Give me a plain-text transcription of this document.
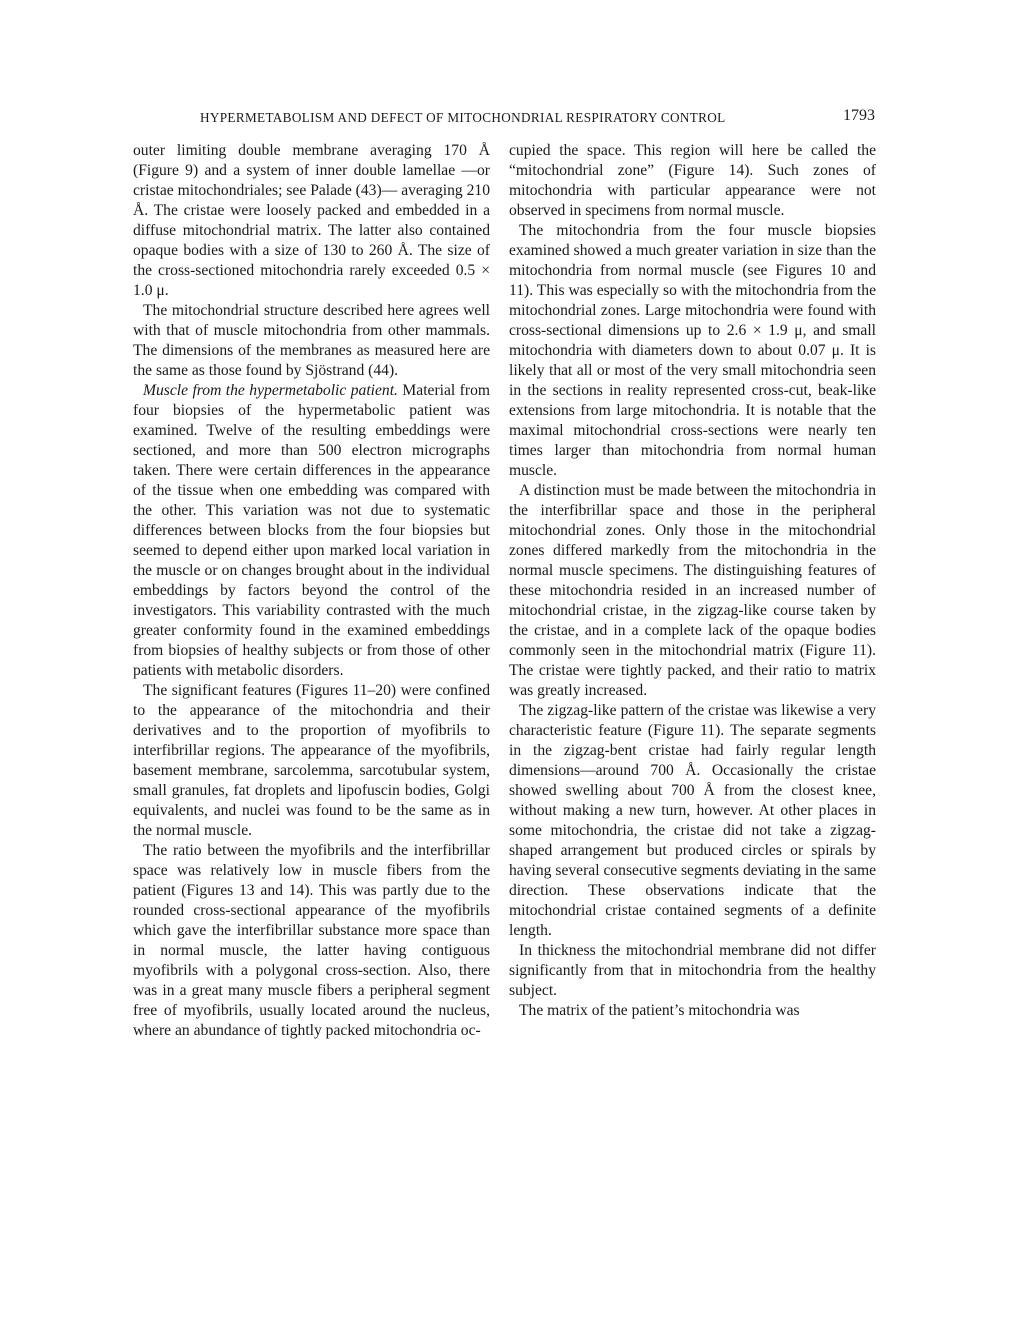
HYPERMETABOLISM AND DEFECT OF MITOCHONDRIAL RESPIRATORY CONTROL	1793

outer limiting double membrane averaging 170 Å (Figure 9) and a system of inner double lamellae —or cristae mitochondriales; see Palade (43)— averaging 210 Å. The cristae were loosely packed and embedded in a diffuse mitochondrial matrix. The latter also contained opaque bodies with a size of 130 to 260 Å. The size of the cross-sectioned mitochondria rarely exceeded 0.5 × 1.0 μ.

The mitochondrial structure described here agrees well with that of muscle mitochondria from other mammals. The dimensions of the membranes as measured here are the same as those found by Sjöstrand (44).

Muscle from the hypermetabolic patient. Material from four biopsies of the hypermetabolic patient was examined. Twelve of the resulting embeddings were sectioned, and more than 500 electron micrographs taken. There were certain differences in the appearance of the tissue when one embedding was compared with the other. This variation was not due to systematic differences between blocks from the four biopsies but seemed to depend either upon marked local variation in the muscle or on changes brought about in the individual embeddings by factors beyond the control of the investigators. This variability contrasted with the much greater conformity found in the examined embeddings from biopsies of healthy subjects or from those of other patients with metabolic disorders.

The significant features (Figures 11–20) were confined to the appearance of the mitochondria and their derivatives and to the proportion of myofibrils to interfibrillar regions. The appearance of the myofibrils, basement membrane, sarcolemma, sarcotubular system, small granules, fat droplets and lipofuscin bodies, Golgi equivalents, and nuclei was found to be the same as in the normal muscle.

The ratio between the myofibrils and the interfibrillar space was relatively low in muscle fibers from the patient (Figures 13 and 14). This was partly due to the rounded cross-sectional appearance of the myofibrils which gave the interfibrillar substance more space than in normal muscle, the latter having contiguous myofibrils with a polygonal cross-section. Also, there was in a great many muscle fibers a peripheral segment free of myofibrils, usually located around the nucleus, where an abundance of tightly packed mitochondria oc-

cupied the space. This region will here be called the “mitochondrial zone” (Figure 14). Such zones of mitochondria with particular appearance were not observed in specimens from normal muscle.

The mitochondria from the four muscle biopsies examined showed a much greater variation in size than the mitochondria from normal muscle (see Figures 10 and 11). This was especially so with the mitochondria from the mitochondrial zones. Large mitochondria were found with cross-sectional dimensions up to 2.6 × 1.9 μ, and small mitochondria with diameters down to about 0.07 μ. It is likely that all or most of the very small mitochondria seen in the sections in reality represented cross-cut, beak-like extensions from large mitochondria. It is notable that the maximal mitochondrial cross-sections were nearly ten times larger than mitochondria from normal human muscle.

A distinction must be made between the mitochondria in the interfibrillar space and those in the peripheral mitochondrial zones. Only those in the mitochondrial zones differed markedly from the mitochondria in the normal muscle specimens. The distinguishing features of these mitochondria resided in an increased number of mitochondrial cristae, in the zigzag-like course taken by the cristae, and in a complete lack of the opaque bodies commonly seen in the mitochondrial matrix (Figure 11). The cristae were tightly packed, and their ratio to matrix was greatly increased.

The zigzag-like pattern of the cristae was likewise a very characteristic feature (Figure 11). The separate segments in the zigzag-bent cristae had fairly regular length dimensions—around 700 Å. Occasionally the cristae showed swelling about 700 Å from the closest knee, without making a new turn, however. At other places in some mitochondria, the cristae did not take a zigzag-shaped arrangement but produced circles or spirals by having several consecutive segments deviating in the same direction. These observations indicate that the mitochondrial cristae contained segments of a definite length.

In thickness the mitochondrial membrane did not differ significantly from that in mitochondria from the healthy subject.

The matrix of the patient’s mitochondria was
